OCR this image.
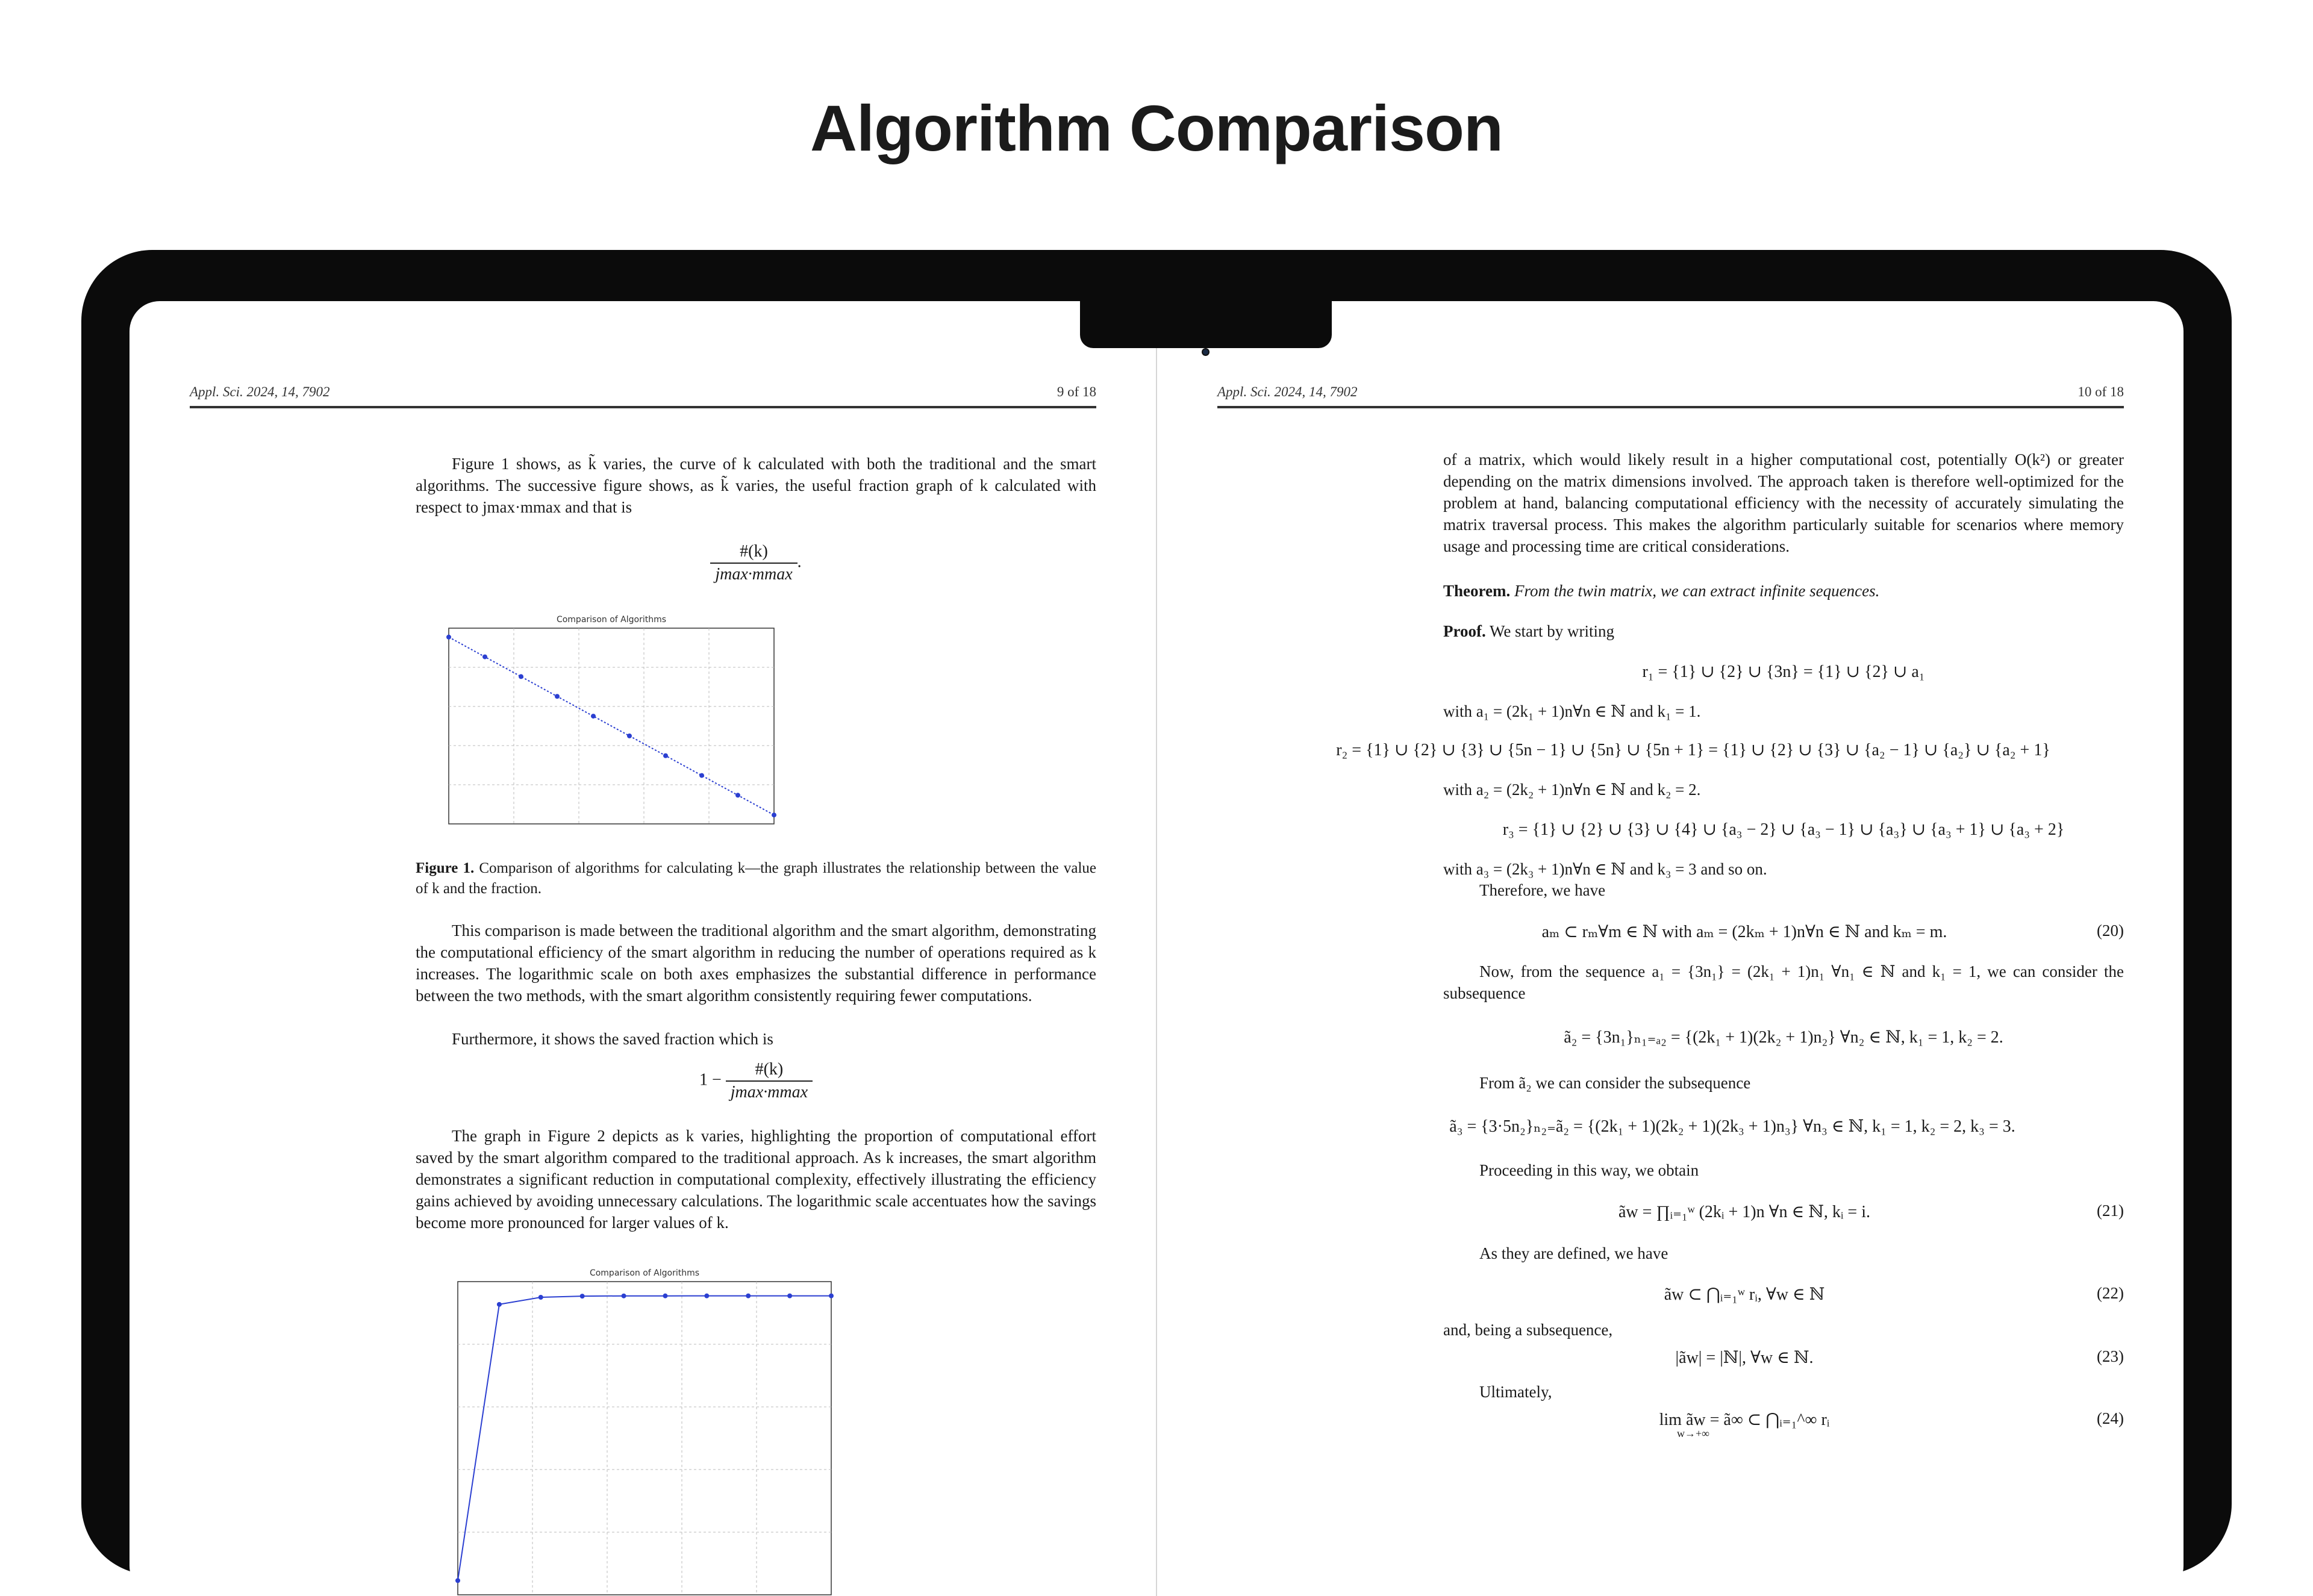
Algorithm Comparison
Appl. Sci. 2024, 14, 7902	9 of 18
Figure 1 shows, as k̃ varies, the curve of k calculated with both the traditional and the smart algorithms. The successive figure shows, as k̃ varies, the useful fraction graph of k calculated with respect to jmax·mmax and that is
$\frac{\#(k)}{jmax\cdot mmax}$ .
Comparison of Algorithms
Figure 1. Comparison of algorithms for calculating k—the graph illustrates the relationship between the value of k and the fraction.
This comparison is made between the traditional algorithm and the smart algorithm, demonstrating the computational efficiency of the smart algorithm in reducing the number of operations required as k increases. The logarithmic scale on both axes emphasizes the substantial difference in performance between the two methods, with the smart algorithm consistently requiring fewer computations.
Furthermore, it shows the saved fraction which is
$1 - \frac{\#(k)}{jmax\cdot mmax}$
The graph in Figure 2 depicts as k varies, highlighting the proportion of computational effort saved by the smart algorithm compared to the traditional approach. As k increases, the smart algorithm demonstrates a significant reduction in computational complexity, effectively illustrating the efficiency gains achieved by avoiding unnecessary calculations. The logarithmic scale accentuates how the savings become more pronounced for larger values of k.
Comparison of Algorithms
Appl. Sci. 2024, 14, 7902	10 of 18
of a matrix, which would likely result in a higher computational cost, potentially O(k²) or greater depending on the matrix dimensions involved. The approach taken is therefore well-optimized for the problem at hand, balancing computational efficiency with the necessity of accurately simulating the matrix traversal process. This makes the algorithm particularly suitable for scenarios where memory usage and processing time are critical considerations.
Theorem. From the twin matrix, we can extract infinite sequences.
Proof. We start by writing
r₁ = {1} ∪ {2} ∪ {3n} = {1} ∪ {2} ∪ a₁
with a₁ = (2k₁ + 1)n∀n ∈ ℕ and k₁ = 1.
r₂ = {1} ∪ {2} ∪ {3} ∪ {5n − 1} ∪ {5n} ∪ {5n + 1} = {1} ∪ {2} ∪ {3} ∪ {a₂ − 1} ∪ {a₂} ∪ {a₂ + 1}
with a₂ = (2k₂ + 1)n∀n ∈ ℕ and k₂ = 2.
r₃ = {1} ∪ {2} ∪ {3} ∪ {4} ∪ {a₃ − 2} ∪ {a₃ − 1} ∪ {a₃} ∪ {a₃ + 1} ∪ {a₃ + 2}
with a₃ = (2k₃ + 1)n∀n ∈ ℕ and k₃ = 3 and so on.
Therefore, we have
aₘ ⊂ rₘ∀m ∈ ℕ with aₘ = (2kₘ + 1)n∀n ∈ ℕ and kₘ = m.	(20)
Now, from the sequence a₁ = {3n₁} = (2k₁ + 1)n₁ ∀n₁ ∈ ℕ and k₁ = 1, we can consider the subsequence
ã₂ = {3n₁}ₙ₁₌ₐ₂ = {(2k₁ + 1)(2k₂ + 1)n₂} ∀n₂ ∈ ℕ, k₁ = 1, k₂ = 2.
From ã₂ we can consider the subsequence
ã₃ = {3·5n₂}ₙ₂₌ã₂ = {(2k₁ + 1)(2k₂ + 1)(2k₃ + 1)n₃} ∀n₃ ∈ ℕ, k₁ = 1, k₂ = 2, k₃ = 3.
Proceeding in this way, we obtain
ãw = ∏ᵢ₌₁ʷ (2kᵢ + 1)n ∀n ∈ ℕ, kᵢ = i.	(21)
As they are defined, we have
ãw ⊂ ⋂ᵢ₌₁ʷ rᵢ, ∀w ∈ ℕ	(22)
and, being a subsequence,
|ãw| = |ℕ|, ∀w ∈ ℕ.	(23)
Ultimately,
lim ãw = ã∞ ⊂ ⋂ᵢ₌₁^∞ rᵢ
w→+∞
(24)
